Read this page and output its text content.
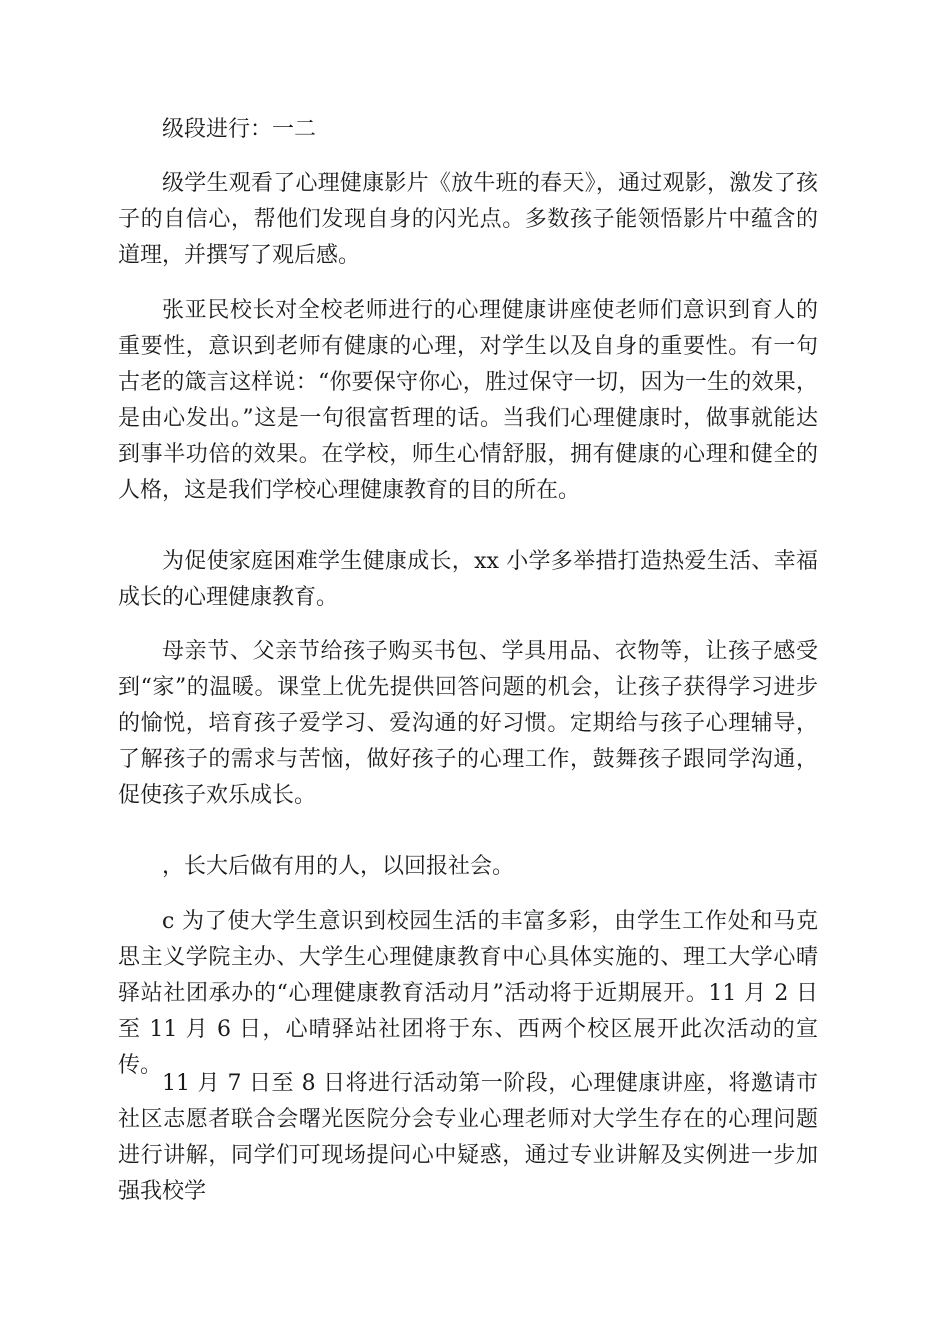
级段进行：一二

级学生观看了心理健康影片《放牛班的春天》，通过观影，激发了孩子的自信心，帮他们发现自身的闪光点。多数孩子能领悟影片中蕴含的道理，并撰写了观后感。

张亚民校长对全校老师进行的心理健康讲座使老师们意识到育人的重要性，意识到老师有健康的心理，对学生以及自身的重要性。有一句古老的箴言这样说：“你要保守你心，胜过保守一切，因为一生的效果，是由心发出。”这是一句很富哲理的话。当我们心理健康时，做事就能达到事半功倍的效果。在学校，师生心情舒服，拥有健康的心理和健全的人格，这是我们学校心理健康教育的目的所在。

为促使家庭困难学生健康成长，xx 小学多举措打造热爱生活、幸福成长的心理健康教育。

母亲节、父亲节给孩子购买书包、学具用品、衣物等，让孩子感受到“家”的温暖。课堂上优先提供回答问题的机会，让孩子获得学习进步的愉悦，培育孩子爱学习、爱沟通的好习惯。定期给与孩子心理辅导，了解孩子的需求与苦恼，做好孩子的心理工作，鼓舞孩子跟同学沟通，促使孩子欢乐成长。

，长大后做有用的人，以回报社会。

c 为了使大学生意识到校园生活的丰富多彩，由学生工作处和马克思主义学院主办、大学生心理健康教育中心具体实施的、理工大学心晴驿站社团承办的“心理健康教育活动月”活动将于近期展开。11 月 2 日至 11 月 6 日，心晴驿站社团将于东、西两个校区展开此次活动的宣传。

11 月 7 日至 8 日将进行活动第一阶段，心理健康讲座，将邀请市社区志愿者联合会曙光医院分会专业心理老师对大学生存在的心理问题进行讲解，同学们可现场提问心中疑惑，通过专业讲解及实例进一步加强我校学
